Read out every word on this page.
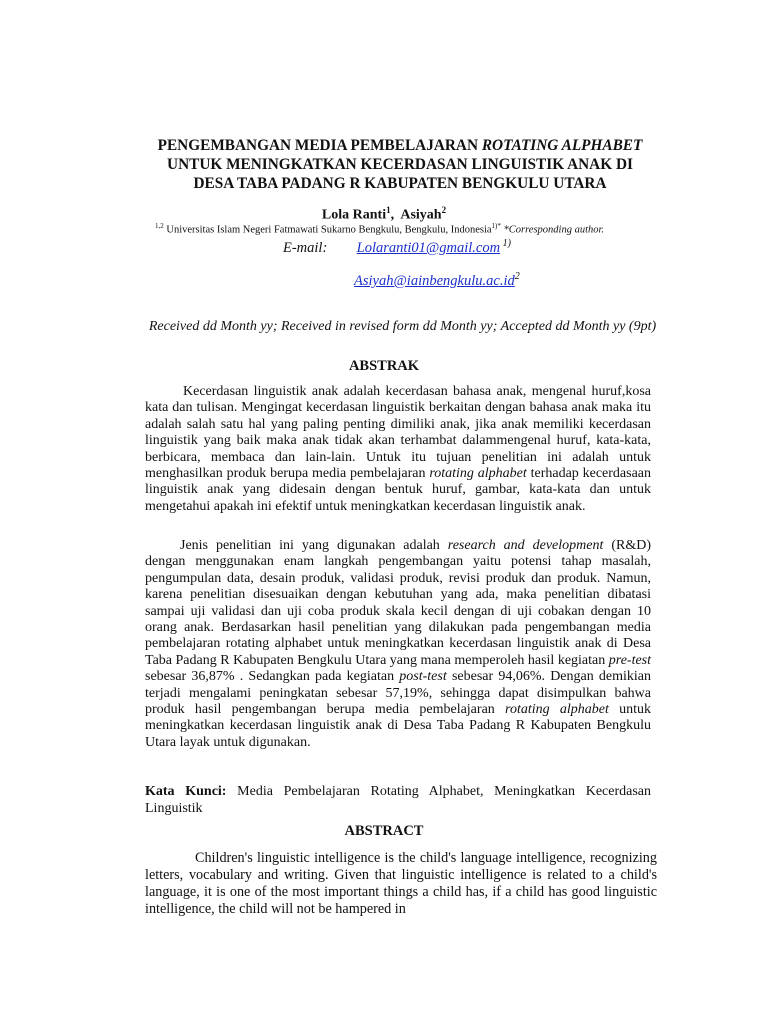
PENGEMBANGAN MEDIA PEMBELAJARAN ROTATING ALPHABET
UNTUK MENINGKATKAN KECERDASAN LINGUISTIK ANAK DI
DESA TABA PADANG R KABUPATEN BENGKULU UTARA
Lola Ranti$^1$,  Asiyah$^2$
$^{1,2}$ Universitas Islam Negeri Fatmawati Sukarno Bengkulu, Bengkulu, Indonesia$^{1)*}$ *Corresponding author.
E-mail: Lolaranti01@gmail.com $^{1)}$
$Asiyah@iainbengkulu.ac.id^2$
Received dd Month yy; Received in revised form dd Month yy; Accepted dd Month yy (9pt)
ABSTRAK
Kecerdasan linguistik anak adalah kecerdasan bahasa anak, mengenal huruf,kosa kata dan tulisan. Mengingat kecerdasan linguistik berkaitan dengan bahasa anak maka itu adalah salah satu hal yang paling penting dimiliki anak, jika anak memiliki kecerdasan linguistik yang baik maka anak tidak akan terhambat dalammengenal huruf, kata-kata, berbicara, membaca dan lain-lain. Untuk itu tujuan penelitian ini adalah untuk menghasilkan produk berupa media pembelajaran rotating alphabet terhadap kecerdasaan linguistik anak yang didesain dengan bentuk huruf, gambar, kata-kata dan untuk mengetahui apakah ini efektif untuk meningkatkan kecerdasan linguistik anak.
Jenis penelitian ini yang digunakan adalah research and development (R&D) dengan menggunakan enam langkah pengembangan yaitu potensi tahap masalah, pengumpulan data, desain produk, validasi produk, revisi produk dan produk. Namun, karena penelitian disesuaikan dengan kebutuhan yang ada, maka penelitian dibatasi sampai uji validasi dan uji coba produk skala kecil dengan di uji cobakan dengan 10 orang anak. Berdasarkan hasil penelitian yang dilakukan pada pengembangan media pembelajaran rotating alphabet untuk meningkatkan kecerdasan linguistik anak di Desa Taba Padang R Kabupaten Bengkulu Utara yang mana memperoleh hasil kegiatan pre-test sebesar 36,87% . Sedangkan pada kegiatan post-test sebesar 94,06%. Dengan demikian terjadi mengalami peningkatan sebesar 57,19%, sehingga dapat disimpulkan bahwa produk hasil pengembangan berupa media pembelajaran rotating alphabet untuk meningkatkan kecerdasan linguistik anak di Desa Taba Padang R Kabupaten Bengkulu Utara layak untuk digunakan.
Kata Kunci: Media Pembelajaran Rotating Alphabet, Meningkatkan Kecerdasan Linguistik
ABSTRACT
Children's linguistic intelligence is the child's language intelligence, recognizing letters, vocabulary and writing. Given that linguistic intelligence is related to a child's language, it is one of the most important things a child has, if a child has good linguistic intelligence, the child will not be hampered in
